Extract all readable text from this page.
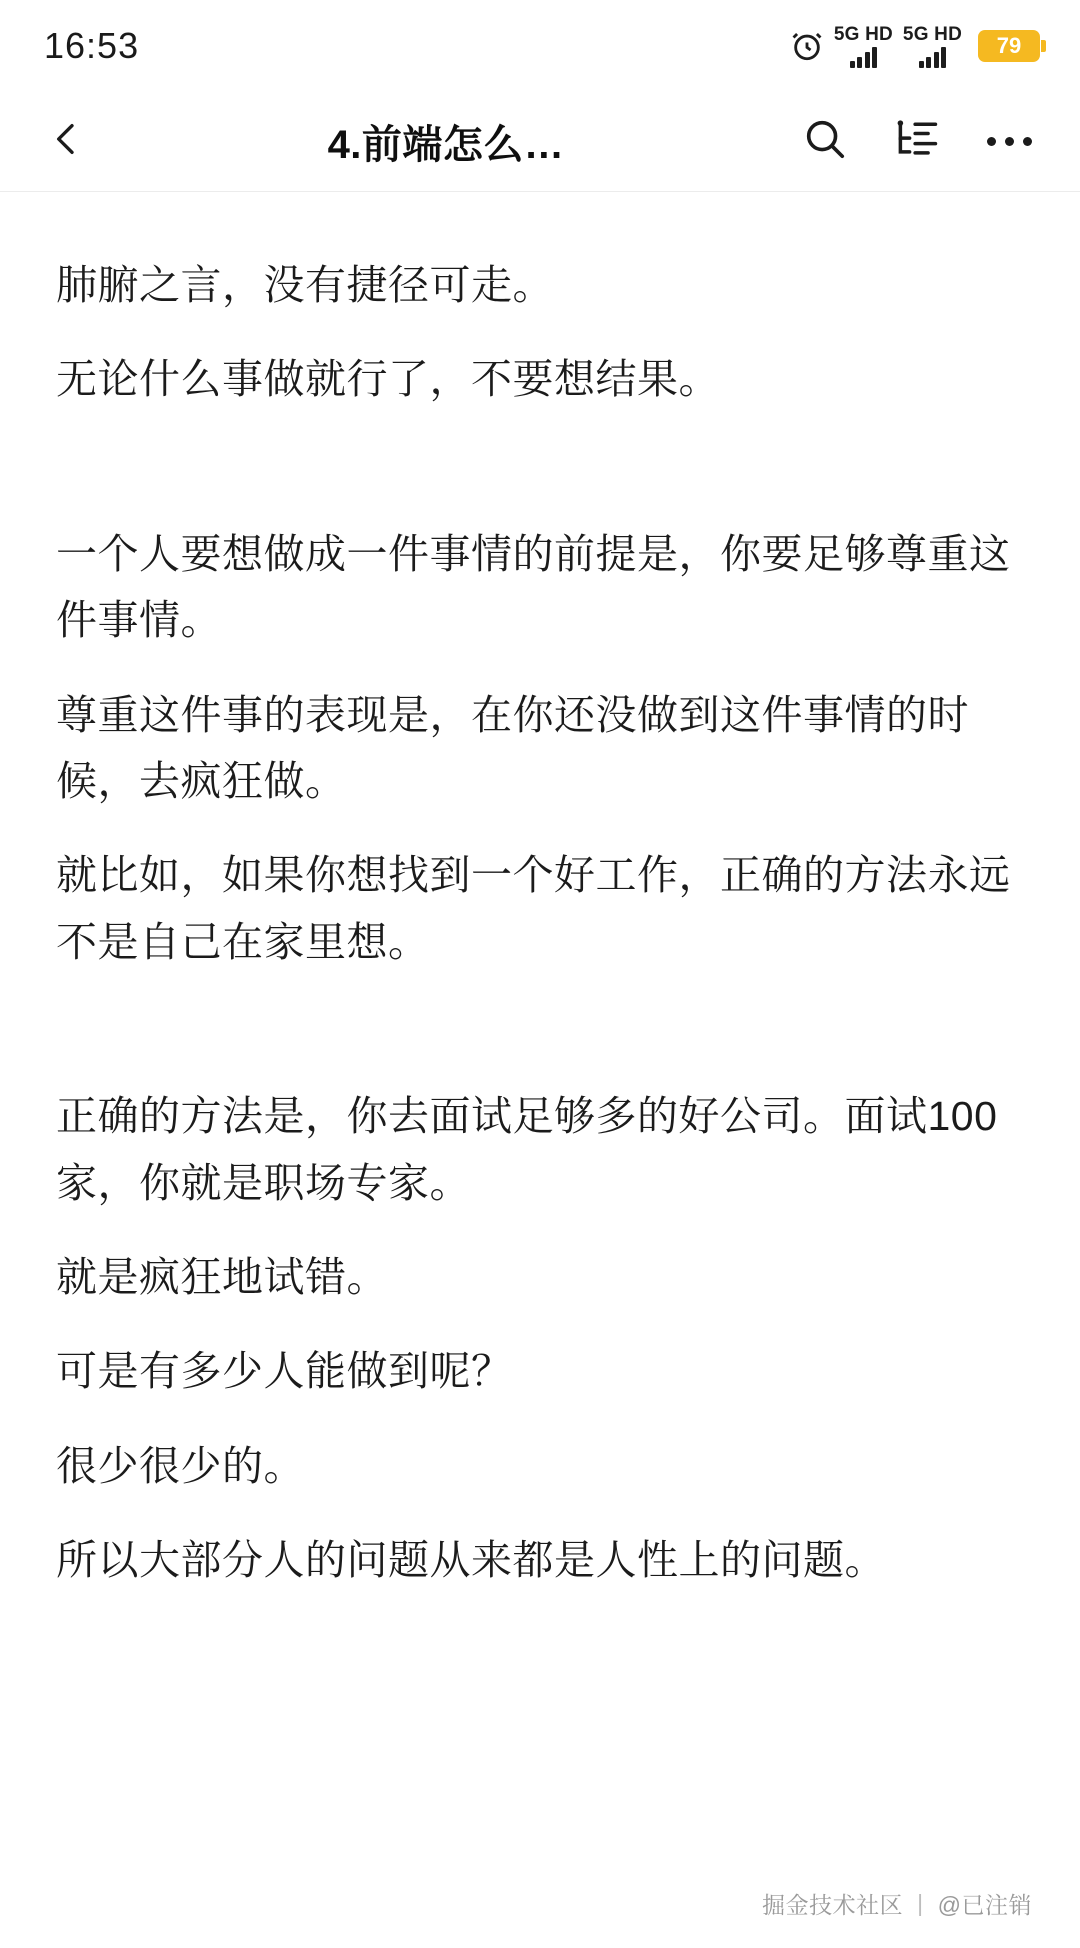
16:53	5G HD 5G HD	79
4.前端怎么…

肺腑之言，没有捷径可走。

无论什么事做就行了，不要想结果。

一个人要想做成一件事情的前提是，你要足够尊重这件事情。

尊重这件事的表现是，在你还没做到这件事情的时候，去疯狂做。

就比如，如果你想找到一个好工作，正确的方法永远不是自己在家里想。

正确的方法是，你去面试足够多的好公司。面试100家，你就是职场专家。

就是疯狂地试错。

可是有多少人能做到呢？

很少很少的。

所以大部分人的问题从来都是人性上的问题。

掘金技术社区 | @已注销
